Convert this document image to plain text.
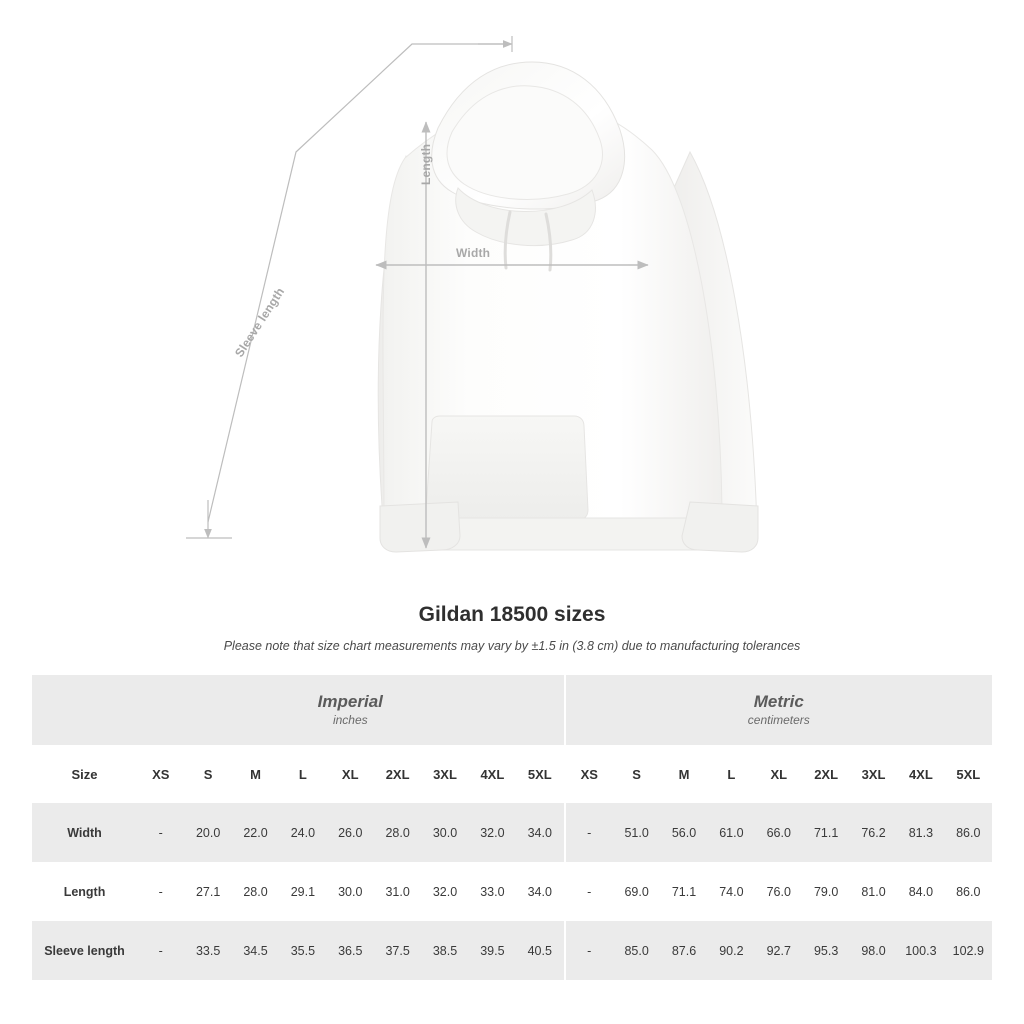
Width
Length
Sleeve length
Gildan 18500 sizes
Please note that size chart measurements may vary by ±1.5 in (3.8 cm) due to manufacturing tolerances

Imperial
inches

Metric
centimeters

Size	XS	S	M	L	XL	2XL	3XL	4XL	5XL		XS	S	M	L	XL	2XL	3XL	4XL	5XL
Width	-	20.0	22.0	24.0	26.0	28.0	30.0	32.0	34.0		-	51.0	56.0	61.0	66.0	71.1	76.2	81.3	86.0
Length	-	27.1	28.0	29.1	30.0	31.0	32.0	33.0	34.0		-	69.0	71.1	74.0	76.0	79.0	81.0	84.0	86.0
Sleeve length	-	33.5	34.5	35.5	36.5	37.5	38.5	39.5	40.5		-	85.0	87.6	90.2	92.7	95.3	98.0	100.3	102.9
